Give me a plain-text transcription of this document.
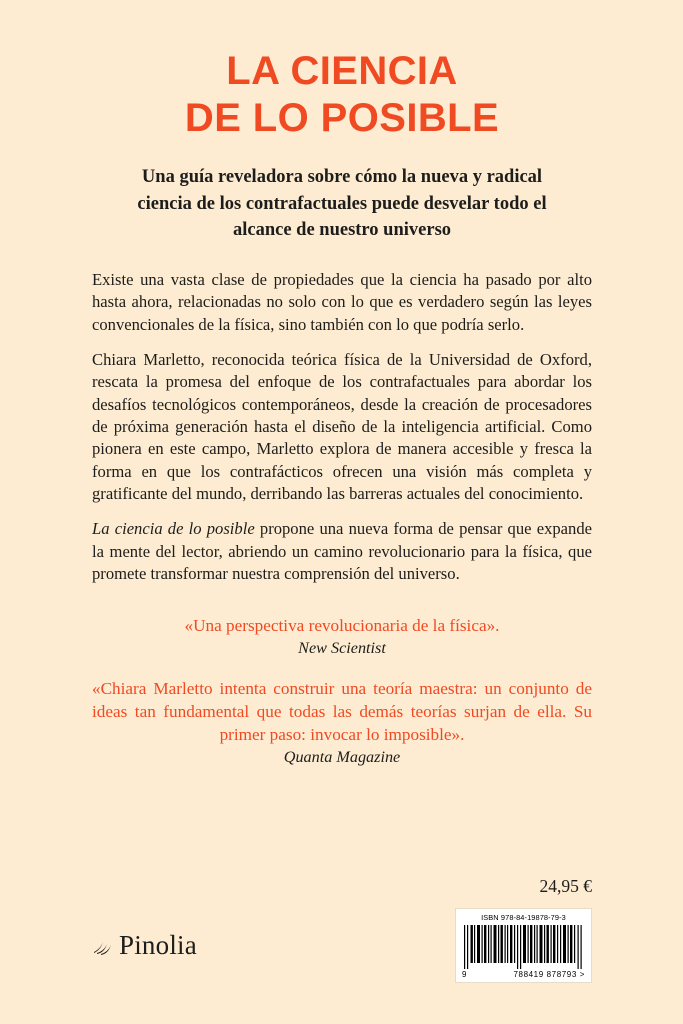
LA CIENCIA
DE LO POSIBLE
Una guía reveladora sobre cómo la nueva y radical
ciencia de los contrafactuales puede desvelar todo el
alcance de nuestro universo

Existe una vasta clase de propiedades que la ciencia ha pasado por alto hasta ahora, relacionadas no solo con lo que es verdadero según las leyes convencionales de la física, sino también con lo que podría serlo.

Chiara Marletto, reconocida teórica física de la Universidad de Oxford, rescata la promesa del enfoque de los contrafactuales para abordar los desafíos tecnológicos contemporáneos, desde la creación de procesadores de próxima generación hasta el diseño de la inteligencia artificial. Como pionera en este campo, Marletto explora de manera accesible y fresca la forma en que los contrafácticos ofrecen una visión más completa y gratificante del mundo, derribando las barreras actuales del conocimiento.

La ciencia de lo posible propone una nueva forma de pensar que expande la mente del lector, abriendo un camino revolucionario para la física, que promete transformar nuestra comprensión del universo.

«Una perspectiva revolucionaria de la física».

New Scientist

«Chiara Marletto intenta construir una teoría maestra: un conjunto de ideas tan fundamental que todas las demás teorías surjan de ella. Su primer paso: invocar lo imposible».

Quanta Magazine

24,95 €
ISBN 978-84-19878-79-3
9	788419 878793 >
Pinolia
